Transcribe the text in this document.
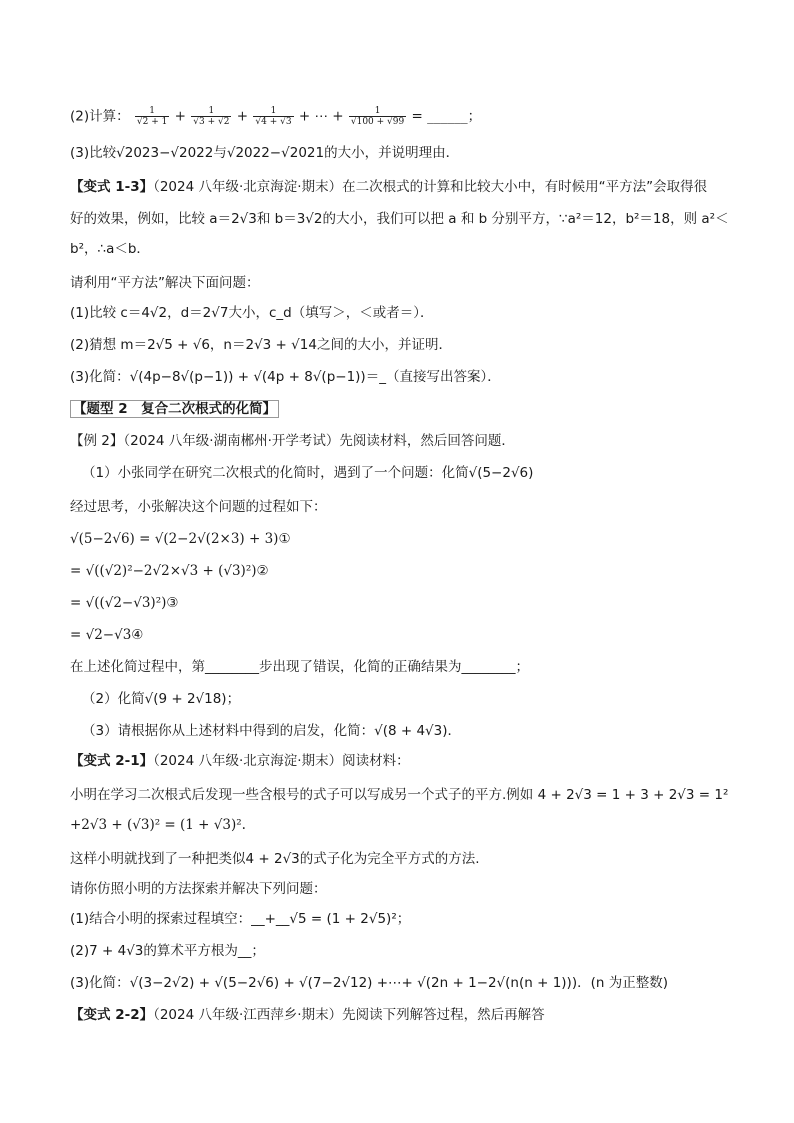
(2)计算： $\frac{1}{√2 + 1} + \frac{1}{√3 + √2} + \frac{1}{√4 + √3}$ + ⋯ + $\frac{1}{√100 + √99}$ = ______；
(3)比较√2023−√2022与√2022−√2021的大小，并说明理由．
【变式 1-3】（2024 八年级·北京海淀·期末）在二次根式的计算和比较大小中，有时候用“平方法”会取得很
好的效果，例如，比较 a＝2√3和 b＝3√2的大小，我们可以把 a 和 b 分别平方，∵a²＝12，b²＝18，则 a²＜
b²，∴a＜b．
请利用“平方法”解决下面问题：
(1)比较 c＝4√2，d＝2√7大小，c_d（填写＞，＜或者＝）．
(2)猜想 m＝2√5 + √6，n＝2√3 + √14之间的大小，并证明．
(3)化简：√(4p−8√(p−1)) + √(4p + 8√(p−1))＝_（直接写出答案）．
【题型 2　复合二次根式的化简】
【例 2】（2024 八年级·湖南郴州·开学考试）先阅读材料，然后回答问题．
（1）小张同学在研究二次根式的化简时，遇到了一个问题：化简√(5−2√6)
经过思考，小张解决这个问题的过程如下：
√(5−2√6) = √(2−2√(2×3) + 3)①
= √((√2)²−2√2×√3 + (√3)²)②
= √((√2−√3)²)③
= √2−√3④
在上述化简过程中，第________步出现了错误，化简的正确结果为________；
（2）化简√(9 + 2√18)；
（3）请根据你从上述材料中得到的启发，化简：√(8 + 4√3)．
【变式 2-1】（2024 八年级·北京海淀·期末）阅读材料：
小明在学习二次根式后发现一些含根号的式子可以写成另一个式子的平方.例如 4 + 2√3 = 1 + 3 + 2√3 = 1²
+2√3 + (√3)² = (1 + √3)².
这样小明就找到了一种把类似4 + 2√3的式子化为完全平方式的方法.
请你仿照小明的方法探索并解决下列问题：
(1)结合小明的探索过程填空：__+__√5 = (1 + 2√5)²；
(2)7 + 4√3的算术平方根为__；
(3)化简：√(3−2√2) + √(5−2√6) + √(7−2√12) +⋯+ √(2n + 1−2√(n(n + 1)))．(n 为正整数)
【变式 2-2】（2024 八年级·江西萍乡·期末）先阅读下列解答过程，然后再解答
